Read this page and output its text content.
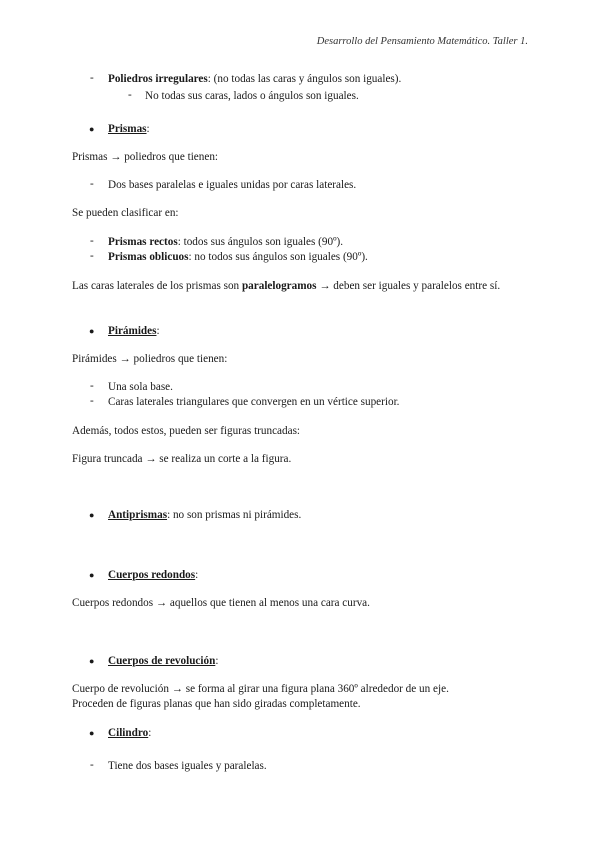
Desarrollo del Pensamiento Matemático. Taller 1.
- Poliedros irregulares: (no todas las caras y ángulos son iguales).
- No todas sus caras, lados o ángulos son iguales.
● Prismas:
Prismas → poliedros que tienen:
- Dos bases paralelas e iguales unidas por caras laterales.
Se pueden clasificar en:
- Prismas rectos: todos sus ángulos son iguales (90º).
- Prismas oblicuos: no todos sus ángulos son iguales (90º).
Las caras laterales de los prismas son paralelogramos → deben ser iguales y paralelos entre sí.
● Pirámides:
Pirámides → poliedros que tienen:
- Una sola base.
- Caras laterales triangulares que convergen en un vértice superior.
Además, todos estos, pueden ser figuras truncadas:
Figura truncada → se realiza un corte a la figura.
● Antiprismas: no son prismas ni pirámides.
● Cuerpos redondos:
Cuerpos redondos → aquellos que tienen al menos una cara curva.
● Cuerpos de revolución:
Cuerpo de revolución → se forma al girar una figura plana 360º alrededor de un eje.
Proceden de figuras planas que han sido giradas completamente.
● Cilindro:
- Tiene dos bases iguales y paralelas.
